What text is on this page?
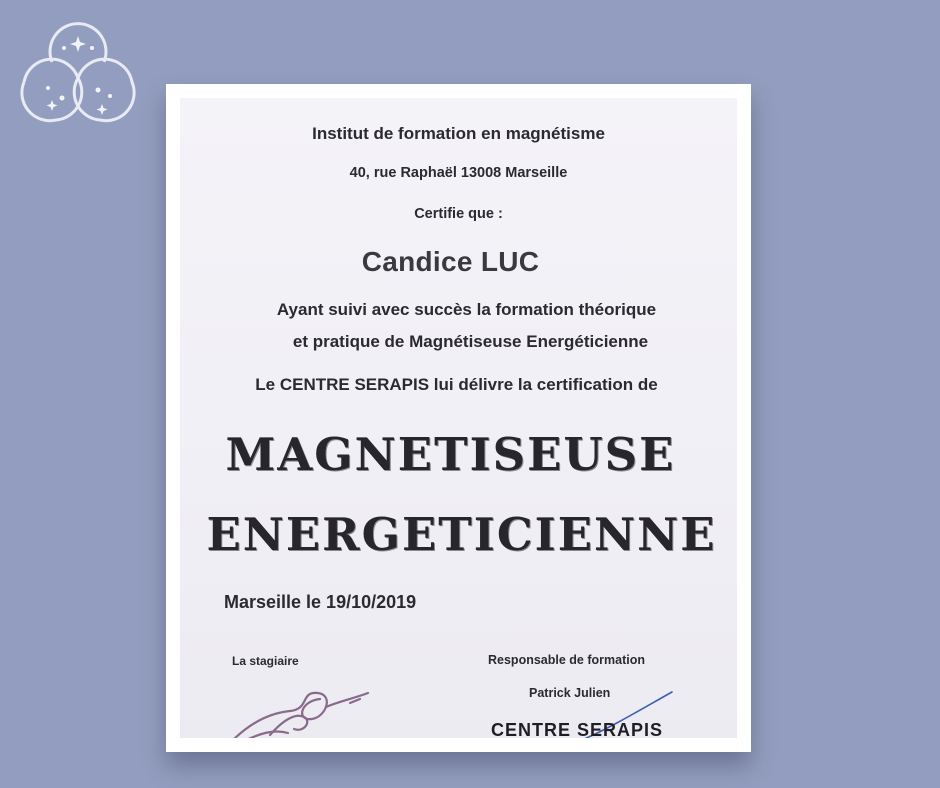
Institut de formation en magnétisme
40, rue Raphaël 13008 Marseille
Certifie que :
Candice LUC
Ayant suivi avec succès la formation théorique
et pratique de Magnétiseuse Energéticienne
Le CENTRE SERAPIS lui délivre la certification de
MAGNETISEUSE
ENERGETICIENNE
Marseille le 19/10/2019
La stagiaire	Responsable de formation
Patrick Julien
CENTRE SERAPIS
